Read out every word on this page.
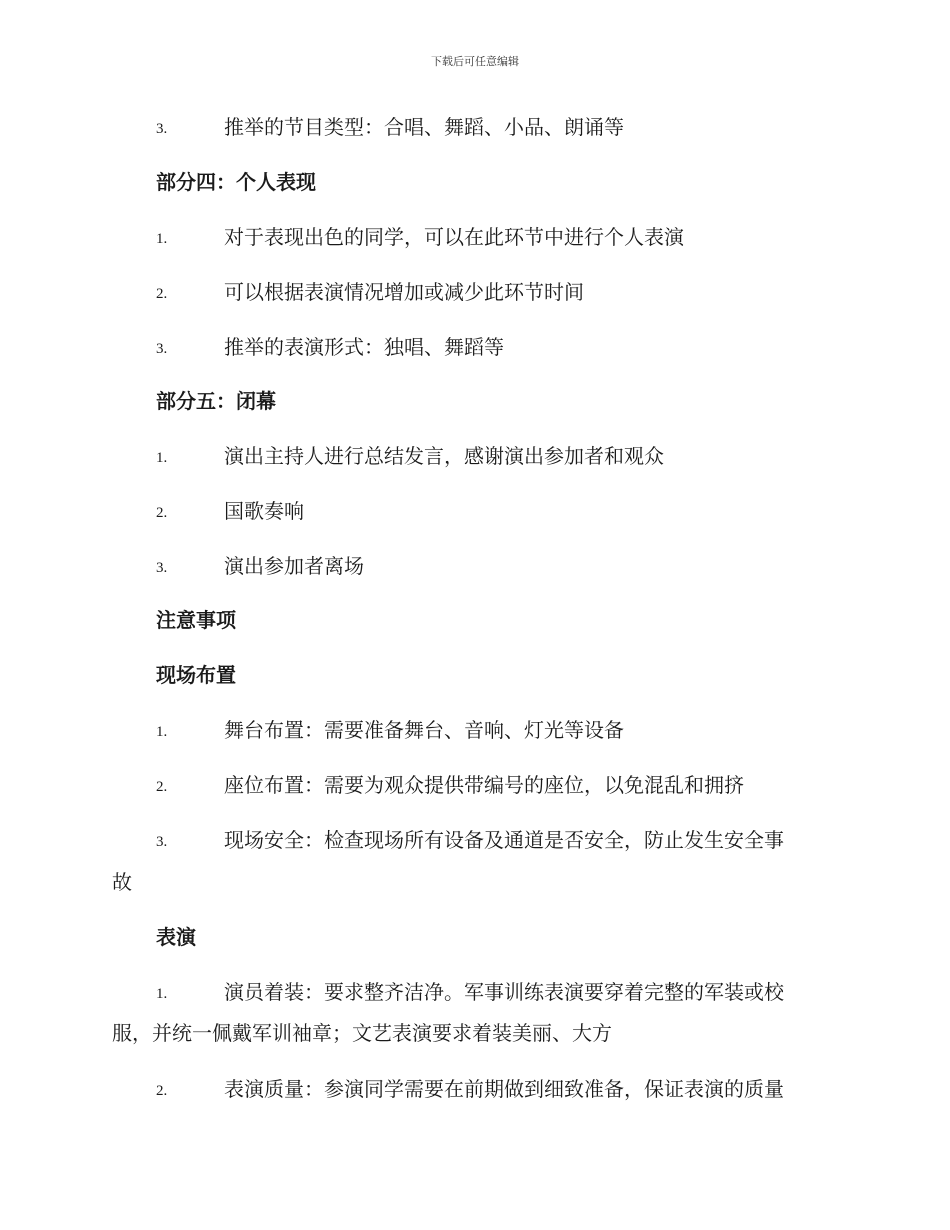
下载后可任意编辑
3.	推举的节目类型：合唱、舞蹈、小品、朗诵等
部分四：个人表现
1.	对于表现出色的同学，可以在此环节中进行个人表演
2.	可以根据表演情况增加或减少此环节时间
3.	推举的表演形式：独唱、舞蹈等
部分五：闭幕
1.	演出主持人进行总结发言，感谢演出参加者和观众
2.	国歌奏响
3.	演出参加者离场
注意事项
现场布置
1.	舞台布置：需要准备舞台、音响、灯光等设备
2.	座位布置：需要为观众提供带编号的座位，以免混乱和拥挤
3.	现场安全：检查现场所有设备及通道是否安全，防止发生安全事
故
表演
1.	演员着装：要求整齐洁净。军事训练表演要穿着完整的军装或校
服，并统一佩戴军训袖章；文艺表演要求着装美丽、大方
2.	表演质量：参演同学需要在前期做到细致准备，保证表演的质量
